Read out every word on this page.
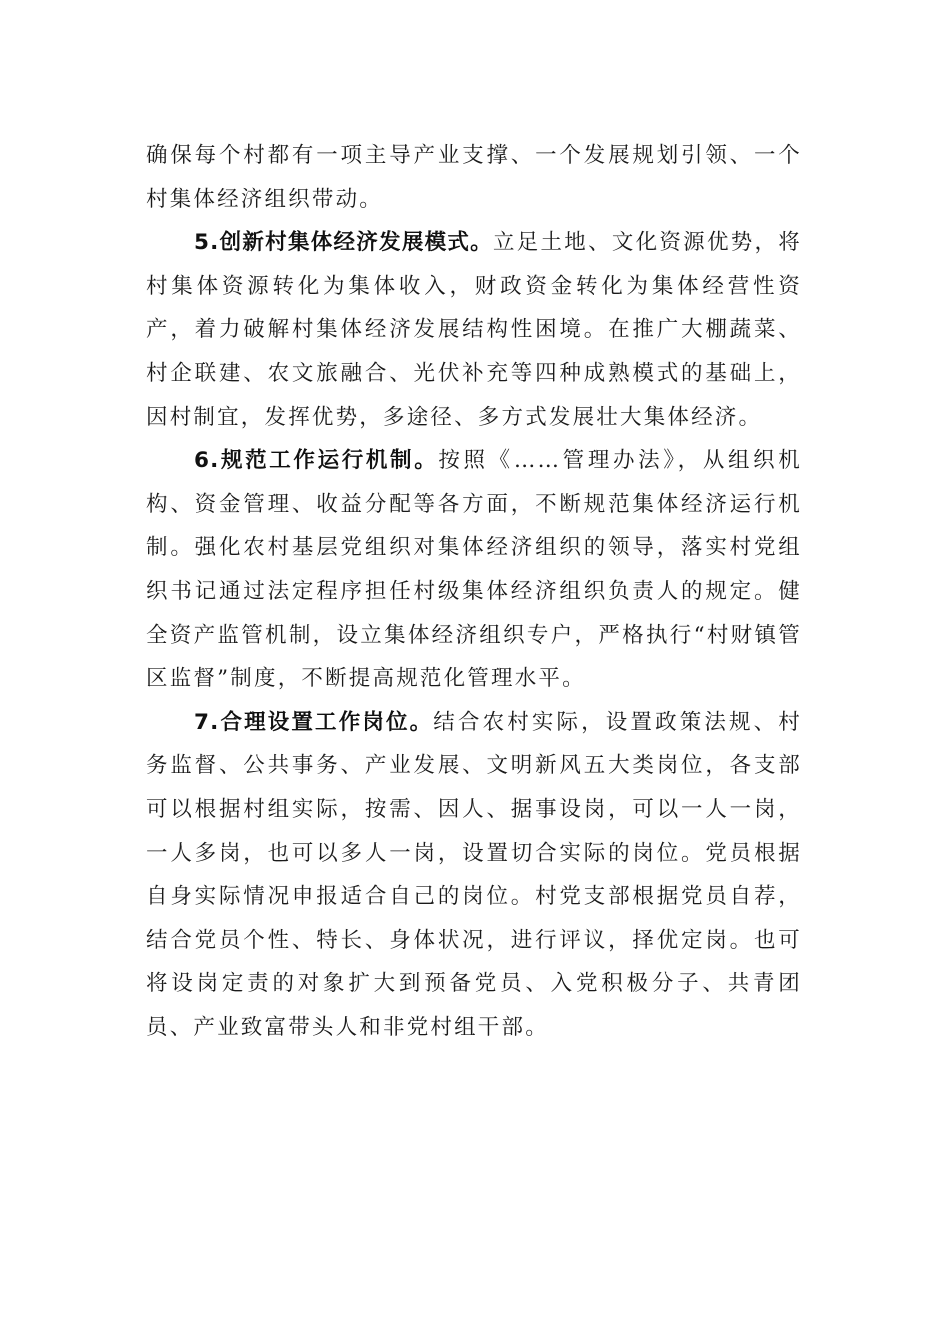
确保每个村都有一项主导产业支撑、一个发展规划引领、一个村集体经济组织带动。

5.创新村集体经济发展模式。立足土地、文化资源优势，将村集体资源转化为集体收入，财政资金转化为集体经营性资产，着力破解村集体经济发展结构性困境。在推广大棚蔬菜、村企联建、农文旅融合、光伏补充等四种成熟模式的基础上，因村制宜，发挥优势，多途径、多方式发展壮大集体经济。

6.规范工作运行机制。按照《……管理办法》，从组织机构、资金管理、收益分配等各方面，不断规范集体经济运行机制。强化农村基层党组织对集体经济组织的领导，落实村党组织书记通过法定程序担任村级集体经济组织负责人的规定。健全资产监管机制，设立集体经济组织专户，严格执行“村财镇管区监督”制度，不断提高规范化管理水平。

7.合理设置工作岗位。结合农村实际，设置政策法规、村务监督、公共事务、产业发展、文明新风五大类岗位，各支部可以根据村组实际，按需、因人、据事设岗，可以一人一岗，一人多岗，也可以多人一岗，设置切合实际的岗位。党员根据自身实际情况申报适合自己的岗位。村党支部根据党员自荐，结合党员个性、特长、身体状况，进行评议，择优定岗。也可将设岗定责的对象扩大到预备党员、入党积极分子、共青团员、产业致富带头人和非党村组干部。
